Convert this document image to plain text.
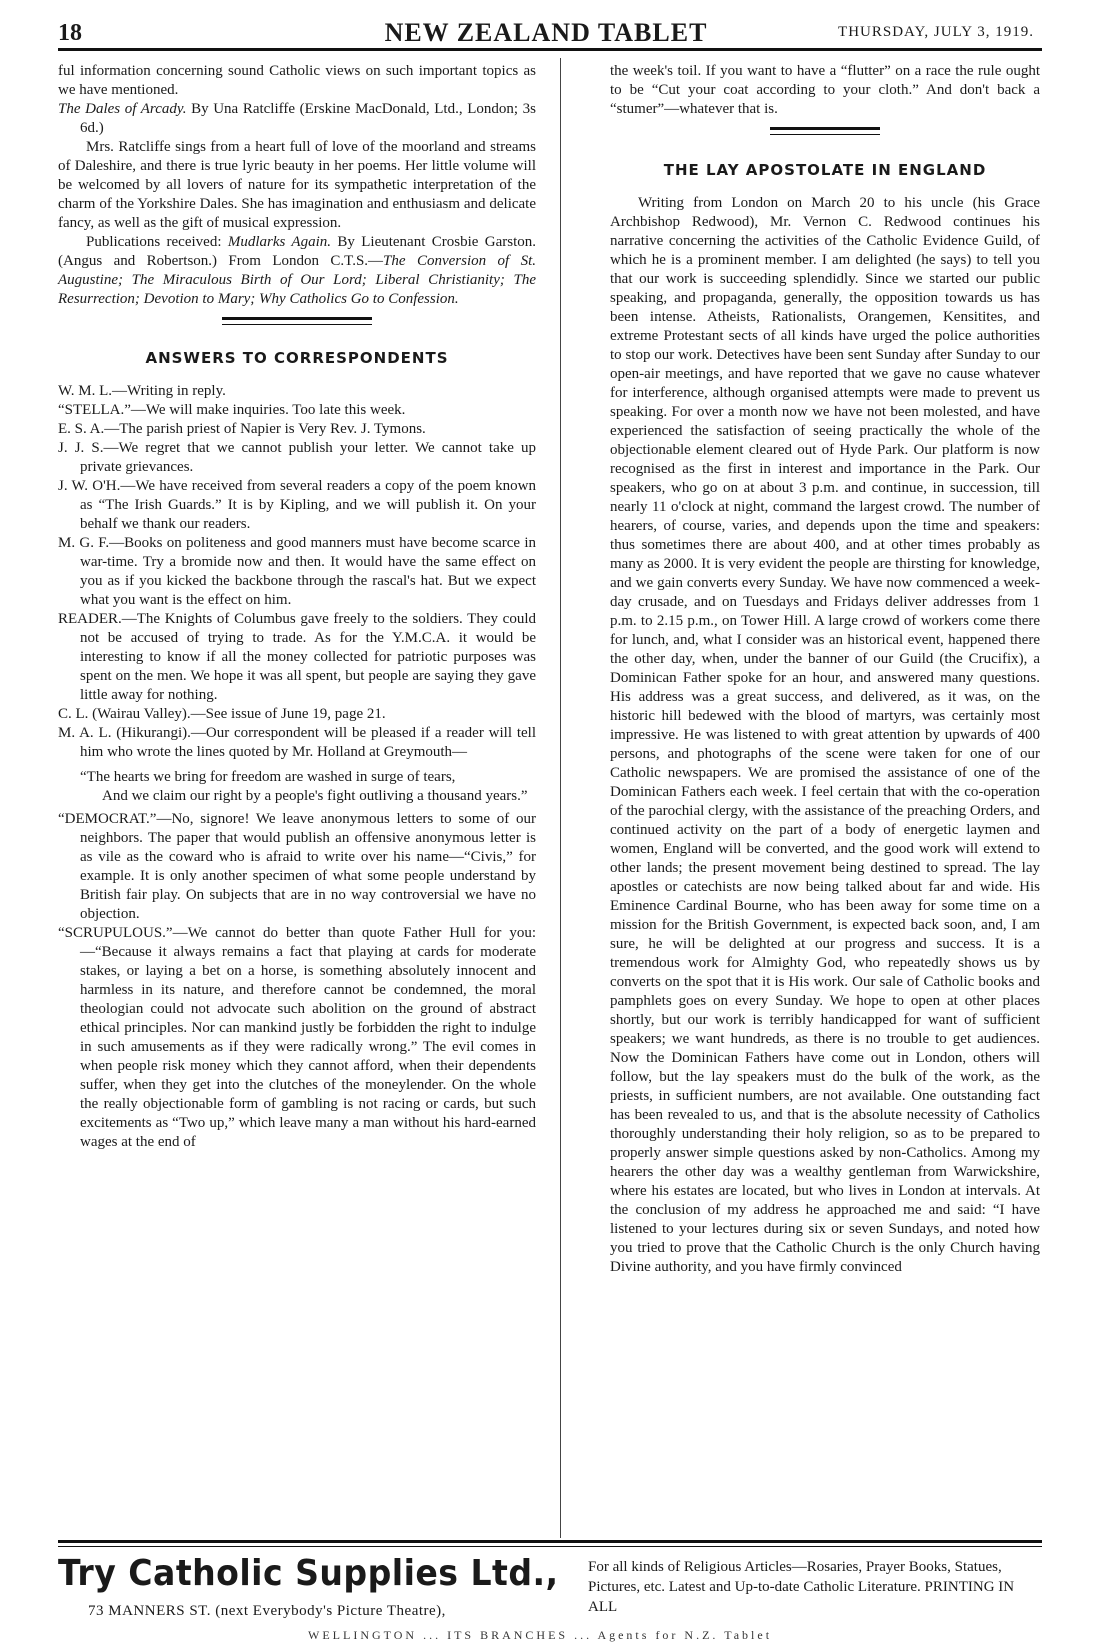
18	NEW ZEALAND TABLET	THURSDAY, JULY 3, 1919.

ful information concerning sound Catholic views on such important topics as we have mentioned.

The Dales of Arcady. By Una Ratcliffe (Erskine MacDonald, Ltd., London; 3s 6d.)

Mrs. Ratcliffe sings from a heart full of love of the moorland and streams of Daleshire, and there is true lyric beauty in her poems. Her little volume will be welcomed by all lovers of nature for its sympathetic interpretation of the charm of the Yorkshire Dales. She has imagination and enthusiasm and delicate fancy, as well as the gift of musical expression.

Publications received: Mudlarks Again. By Lieutenant Crosbie Garston. (Angus and Robertson.) From London C.T.S.—The Conversion of St. Augustine; The Miraculous Birth of Our Lord; Liberal Christianity; The Resurrection; Devotion to Mary; Why Catholics Go to Confession.

ANSWERS TO CORRESPONDENTS

W. M. L.—Writing in reply.

“STELLA.”—We will make inquiries. Too late this week.

E. S. A.—The parish priest of Napier is Very Rev. J. Tymons.

J. J. S.—We regret that we cannot publish your letter. We cannot take up private grievances.

J. W. O'H.—We have received from several readers a copy of the poem known as “The Irish Guards.” It is by Kipling, and we will publish it. On your behalf we thank our readers.

M. G. F.—Books on politeness and good manners must have become scarce in war-time. Try a bromide now and then. It would have the same effect on you as if you kicked the backbone through the rascal's hat. But we expect what you want is the effect on him.

READER.—The Knights of Columbus gave freely to the soldiers. They could not be accused of trying to trade. As for the Y.M.C.A. it would be interesting to know if all the money collected for patriotic purposes was spent on the men. We hope it was all spent, but people are saying they gave little away for nothing.

C. L. (Wairau Valley).—See issue of June 19, page 21.

M. A. L. (Hikurangi).—Our correspondent will be pleased if a reader will tell him who wrote the lines quoted by Mr. Holland at Greymouth—

“The hearts we bring for freedom are washed in surge of tears,

And we claim our right by a people's fight outliving a thousand years.”

“DEMOCRAT.”—No, signore! We leave anonymous letters to some of our neighbors. The paper that would publish an offensive anonymous letter is as vile as the coward who is afraid to write over his name—“Civis,” for example. It is only another specimen of what some people understand by British fair play. On subjects that are in no way controversial we have no objection.

“SCRUPULOUS.”—We cannot do better than quote Father Hull for you:—“Because it always remains a fact that playing at cards for moderate stakes, or laying a bet on a horse, is something absolutely innocent and harmless in its nature, and therefore cannot be condemned, the moral theologian could not advocate such abolition on the ground of abstract ethical principles. Nor can mankind justly be forbidden the right to indulge in such amusements as if they were radically wrong.” The evil comes in when people risk money which they cannot afford, when their dependents suffer, when they get into the clutches of the moneylender. On the whole the really objectionable form of gambling is not racing or cards, but such excitements as “Two up,” which leave many a man without his hard-earned wages at the end of

the week's toil. If you want to have a “flutter” on a race the rule ought to be “Cut your coat according to your cloth.” And don't back a “stumer”—whatever that is.

THE LAY APOSTOLATE IN ENGLAND

Writing from London on March 20 to his uncle (his Grace Archbishop Redwood), Mr. Vernon C. Redwood continues his narrative concerning the activities of the Catholic Evidence Guild, of which he is a prominent member. I am delighted (he says) to tell you that our work is succeeding splendidly. Since we started our public speaking, and propaganda, generally, the opposition towards us has been intense. Atheists, Rationalists, Orangemen, Kensitites, and extreme Protestant sects of all kinds have urged the police authorities to stop our work. Detectives have been sent Sunday after Sunday to our open-air meetings, and have reported that we gave no cause whatever for interference, although organised attempts were made to prevent us speaking. For over a month now we have not been molested, and have experienced the satisfaction of seeing practically the whole of the objectionable element cleared out of Hyde Park. Our platform is now recognised as the first in interest and importance in the Park. Our speakers, who go on at about 3 p.m. and continue, in succession, till nearly 11 o'clock at night, command the largest crowd. The number of hearers, of course, varies, and depends upon the time and speakers: thus sometimes there are about 400, and at other times probably as many as 2000. It is very evident the people are thirsting for knowledge, and we gain converts every Sunday. We have now commenced a week-day crusade, and on Tuesdays and Fridays deliver addresses from 1 p.m. to 2.15 p.m., on Tower Hill. A large crowd of workers come there for lunch, and, what I consider was an historical event, happened there the other day, when, under the banner of our Guild (the Crucifix), a Dominican Father spoke for an hour, and answered many questions. His address was a great success, and delivered, as it was, on the historic hill bedewed with the blood of martyrs, was certainly most impressive. He was listened to with great attention by upwards of 400 persons, and photographs of the scene were taken for one of our Catholic newspapers. We are promised the assistance of one of the Dominican Fathers each week. I feel certain that with the co-operation of the parochial clergy, with the assistance of the preaching Orders, and continued activity on the part of a body of energetic laymen and women, England will be converted, and the good work will extend to other lands; the present movement being destined to spread. The lay apostles or catechists are now being talked about far and wide. His Eminence Cardinal Bourne, who has been away for some time on a mission for the British Government, is expected back soon, and, I am sure, he will be delighted at our progress and success. It is a tremendous work for Almighty God, who repeatedly shows us by converts on the spot that it is His work. Our sale of Catholic books and pamphlets goes on every Sunday. We hope to open at other places shortly, but our work is terribly handicapped for want of sufficient speakers; we want hundreds, as there is no trouble to get audiences. Now the Dominican Fathers have come out in London, others will follow, but the lay speakers must do the bulk of the work, as the priests, in sufficient numbers, are not available. One outstanding fact has been revealed to us, and that is the absolute necessity of Catholics thoroughly understanding their holy religion, so as to be prepared to properly answer simple questions asked by non-Catholics. Among my hearers the other day was a wealthy gentleman from Warwickshire, where his estates are located, but who lives in London at intervals. At the conclusion of my address he approached me and said: “I have listened to your lectures during six or seven Sundays, and noted how you tried to prove that the Catholic Church is the only Church having Divine authority, and you have firmly convinced

Try Catholic Supplies Ltd.,
73 MANNERS ST. (next Everybody's Picture Theatre),
For all kinds of Religious Articles—Rosaries, Prayer Books, Statues, Pictures, etc. Latest and Up-to-date Catholic Literature. PRINTING IN ALL
WELLINGTON ... ITS BRANCHES ... Agents for N.Z. Tablet
